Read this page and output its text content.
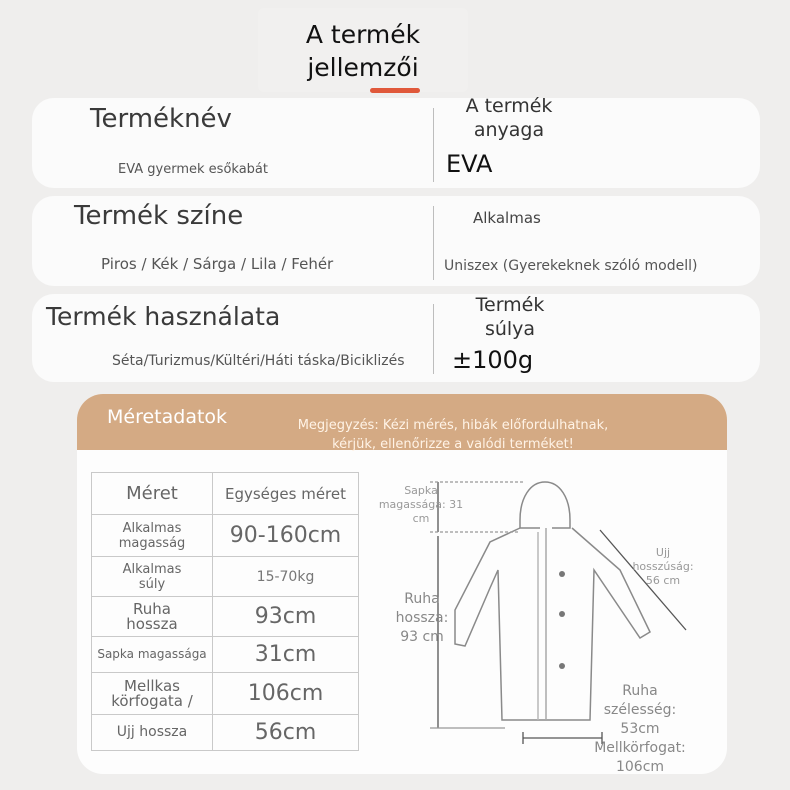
A termék
jellemzői
Terméknév
EVA gyermek esőkabát
A termék
anyaga
EVA
Termék színe
Piros / Kék / Sárga / Lila / Fehér
Alkalmas
Uniszex (Gyerekeknek szóló modell)
Termék használata
Séta/Turizmus/Kültéri/Háti táska/Biciklizés
Termék
súlya
±100g
Méretadatok	Megjegyzés: Kézi mérés, hibák előfordulhatnak,
kérjük, ellenőrizze a valódi terméket!
Méret	Egységes méret
Alkalmas
magasság	90-160cm
Alkalmas
súly	15-70kg
Ruha
hossza	93cm
Sapka magassága	31cm
Mellkas
körfogata /	106cm
Ujj hossza	56cm
Sapka
magassága: 31
cm
Ujj
hosszúság:
56 cm
Ruha
hossza:
93 cm
Ruha
szélesség:
53cm
Mellkörfogat:
106cm
